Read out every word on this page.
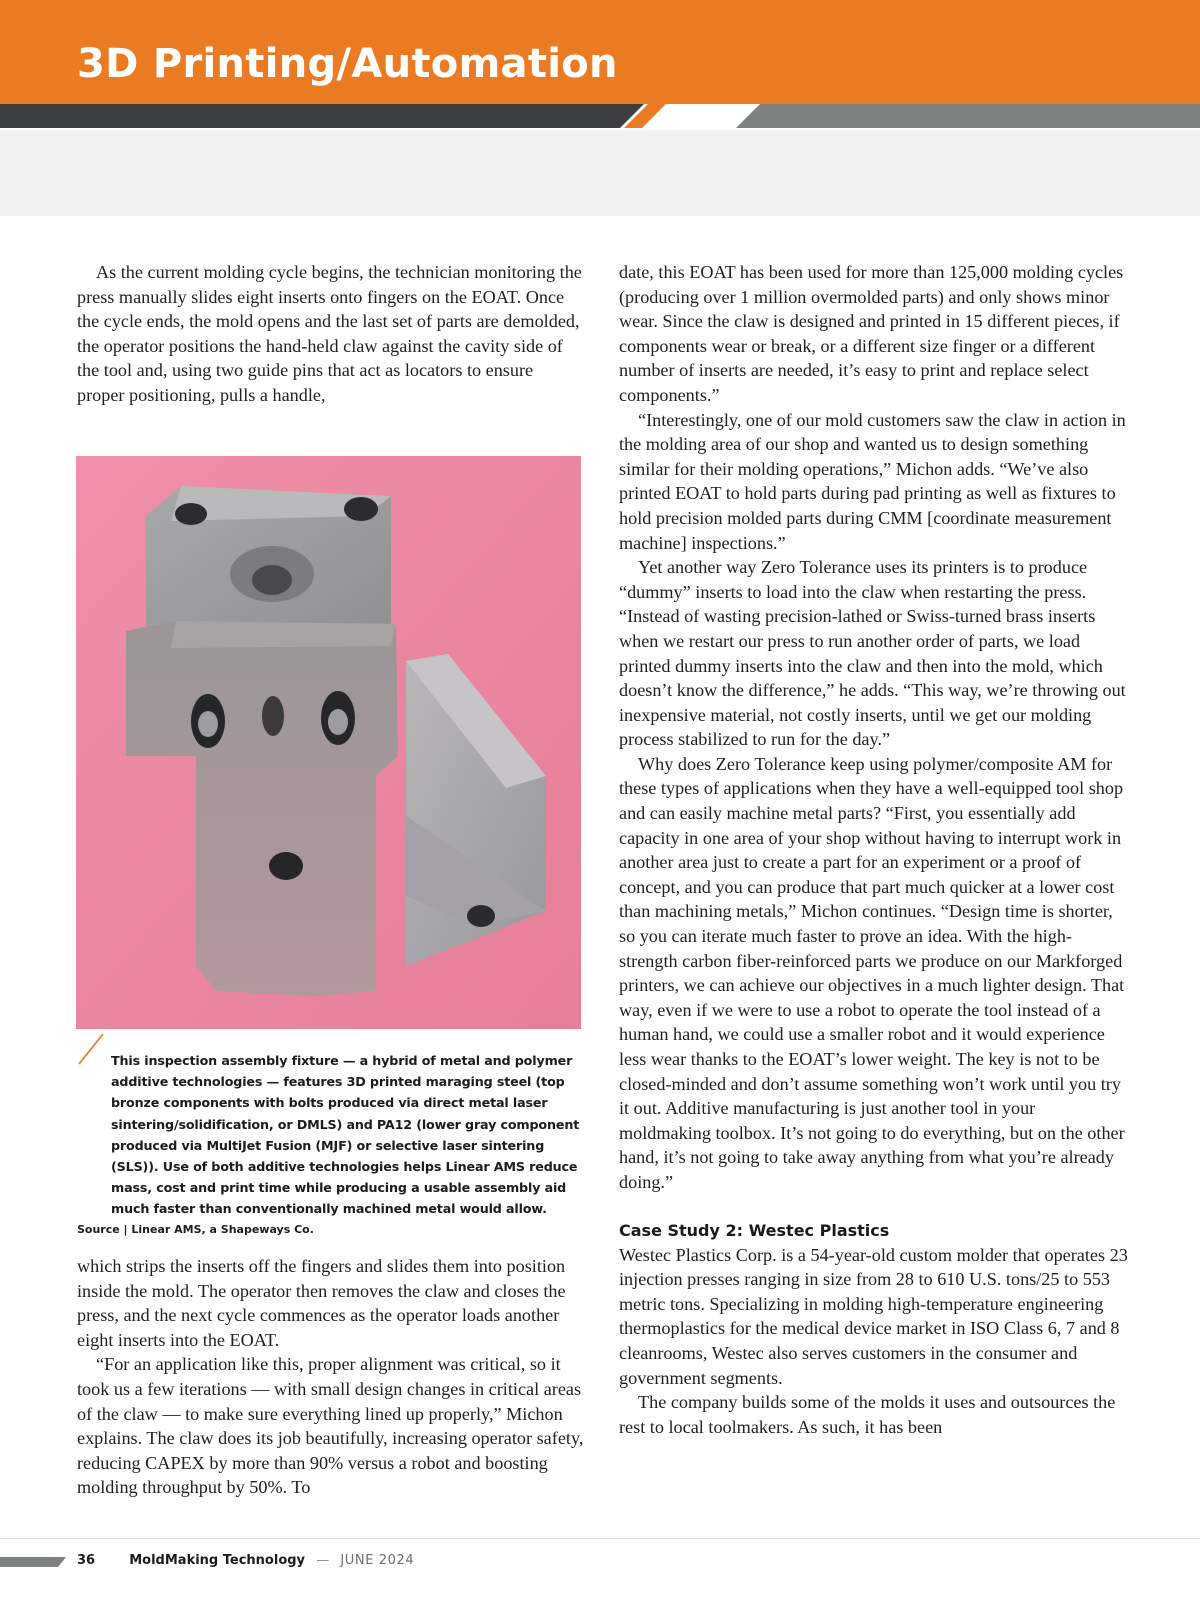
3D Printing/Automation

As the current molding cycle begins, the technician monitoring the press manually slides eight inserts onto fingers on the EOAT. Once the cycle ends, the mold opens and the last set of parts are demolded, the operator positions the hand-held claw against the cavity side of the tool and, using two guide pins that act as locators to ensure proper positioning, pulls a handle,

This inspection assembly fixture — a hybrid of metal and polymer additive technologies — features 3D printed maraging steel (top bronze components with bolts produced via direct metal laser sintering/solidification, or DMLS) and PA12 (lower gray component produced via MultiJet Fusion (MJF) or selective laser sintering (SLS)). Use of both additive technologies helps Linear AMS reduce mass, cost and print time while producing a usable assembly aid much faster than conventionally machined metal would allow.

Source | Linear AMS, a Shapeways Co.

which strips the inserts off the fingers and slides them into position inside the mold. The operator then removes the claw and closes the press, and the next cycle commences as the operator loads another eight inserts into the EOAT.

“For an application like this, proper alignment was critical, so it took us a few iterations — with small design changes in critical areas of the claw — to make sure everything lined up properly,” Michon explains. The claw does its job beautifully, increasing operator safety, reducing CAPEX by more than 90% versus a robot and boosting molding throughput by 50%. To

date, this EOAT has been used for more than 125,000 molding cycles (producing over 1 million overmolded parts) and only shows minor wear. Since the claw is designed and printed in 15 different pieces, if components wear or break, or a different size finger or a different number of inserts are needed, it’s easy to print and replace select components.”

“Interestingly, one of our mold customers saw the claw in action in the molding area of our shop and wanted us to design something similar for their molding operations,” Michon adds. “We’ve also printed EOAT to hold parts during pad printing as well as fixtures to hold precision molded parts during CMM [coordinate measurement machine] inspections.”

Yet another way Zero Tolerance uses its printers is to produce “dummy” inserts to load into the claw when restarting the press. “Instead of wasting precision-lathed or Swiss-turned brass inserts when we restart our press to run another order of parts, we load printed dummy inserts into the claw and then into the mold, which doesn’t know the difference,” he adds. “This way, we’re throwing out inexpensive material, not costly inserts, until we get our molding process stabilized to run for the day.”

Why does Zero Tolerance keep using polymer/composite AM for these types of applications when they have a well-equipped tool shop and can easily machine metal parts? “First, you essentially add capacity in one area of your shop without having to interrupt work in another area just to create a part for an experiment or a proof of concept, and you can produce that part much quicker at a lower cost than machining metals,” Michon continues. “Design time is shorter, so you can iterate much faster to prove an idea. With the high-strength carbon fiber-reinforced parts we produce on our Markforged printers, we can achieve our objectives in a much lighter design. That way, even if we were to use a robot to operate the tool instead of a human hand, we could use a smaller robot and it would experience less wear thanks to the EOAT’s lower weight. The key is not to be closed-minded and don’t assume something won’t work until you try it out. Additive manufacturing is just another tool in your moldmaking toolbox. It’s not going to do everything, but on the other hand, it’s not going to take away anything from what you’re already doing.”

Case Study 2: Westec Plastics

Westec Plastics Corp. is a 54-year-old custom molder that operates 23 injection presses ranging in size from 28 to 610 U.S. tons/25 to 553 metric tons. Specializing in molding high-temperature engineering thermoplastics for the medical device market in ISO Class 6, 7 and 8 cleanrooms, Westec also serves customers in the consumer and government segments.

The company builds some of the molds it uses and outsources the rest to local toolmakers. As such, it has been

36	MoldMaking Technology — JUNE 2024
